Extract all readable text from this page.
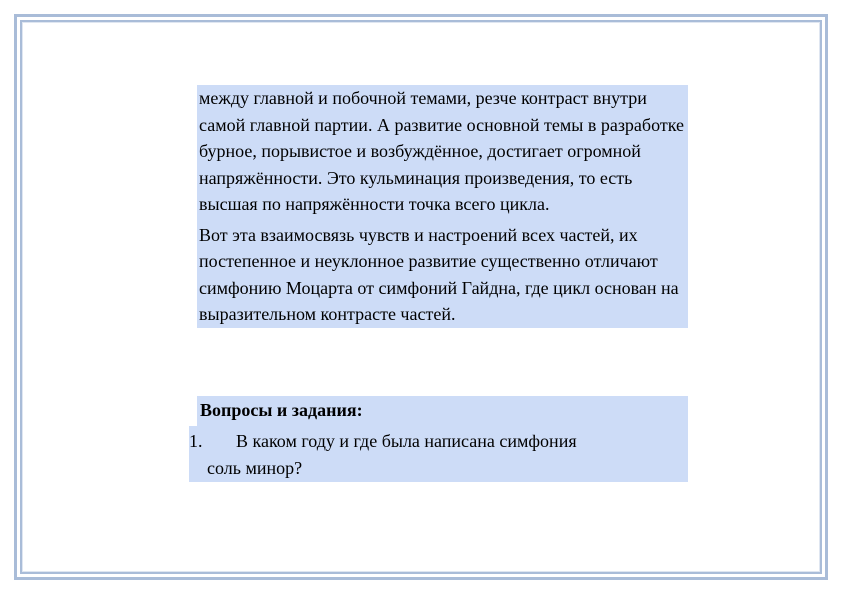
между главной и побочной темами, резче контраст внутри самой главной партии. А развитие основной темы в разработке бурное, порывистое и возбуждённое, достигает огромной напряжённости. Это кульминация произведения, то есть высшая по напряжённости точка всего цикла.

Вот эта взаимосвязь чувств и настроений всех частей, их постепенное и неуклонное развитие существенно отличают симфонию Моцарта от симфоний Гайдна, где цикл основан на выразительном контрасте частей.

Вопросы и задания:
1. В каком году и где была написана симфония
соль минор?
